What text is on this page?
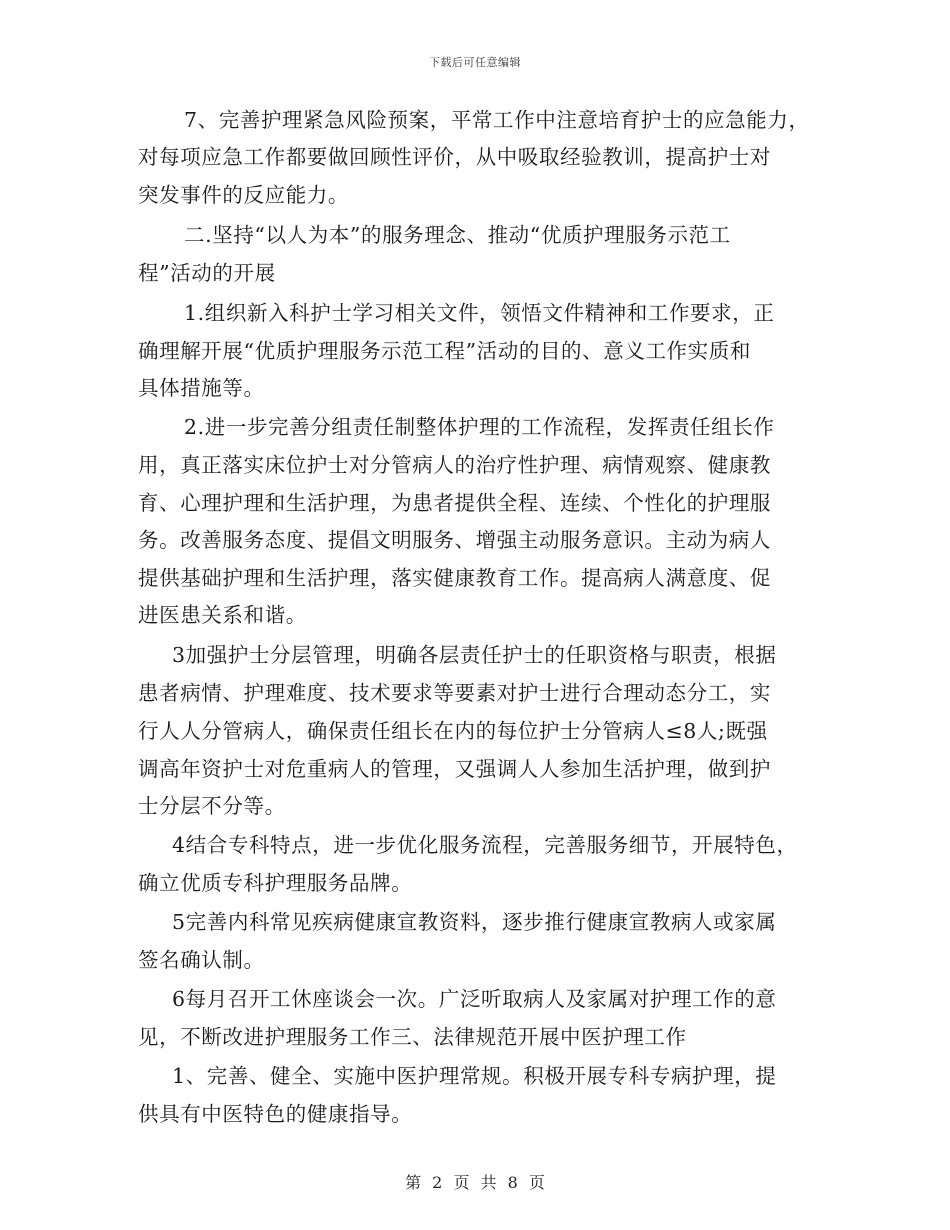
下载后可任意编辑
7、完善护理紧急风险预案，平常工作中注意培育护士的应急能力，
对每项应急工作都要做回顾性评价，从中吸取经验教训，提高护士对
突发事件的反应能力。
二.坚持“以人为本”的服务理念、推动“优质护理服务示范工
程”活动的开展
1.组织新入科护士学习相关文件，领悟文件精神和工作要求，正
确理解开展“优质护理服务示范工程”活动的目的、意义工作实质和
具体措施等。
2.进一步完善分组责任制整体护理的工作流程，发挥责任组长作
用，真正落实床位护士对分管病人的治疗性护理、病情观察、健康教
育、心理护理和生活护理，为患者提供全程、连续、个性化的护理服
务。改善服务态度、提倡文明服务、增强主动服务意识。主动为病人
提供基础护理和生活护理，落实健康教育工作。提高病人满意度、促
进医患关系和谐。
3加强护士分层管理，明确各层责任护士的任职资格与职责，根据
患者病情、护理难度、技术要求等要素对护士进行合理动态分工，实
行人人分管病人，确保责任组长在内的每位护士分管病人≤8人;既强
调高年资护士对危重病人的管理，又强调人人参加生活护理，做到护
士分层不分等。
4结合专科特点，进一步优化服务流程，完善服务细节，开展特色，
确立优质专科护理服务品牌。
5完善内科常见疾病健康宣教资料，逐步推行健康宣教病人或家属
签名确认制。
6每月召开工休座谈会一次。广泛听取病人及家属对护理工作的意
见，不断改进护理服务工作三、法律规范开展中医护理工作
1、完善、健全、实施中医护理常规。积极开展专科专病护理，提
供具有中医特色的健康指导。
第 2 页 共 8 页
